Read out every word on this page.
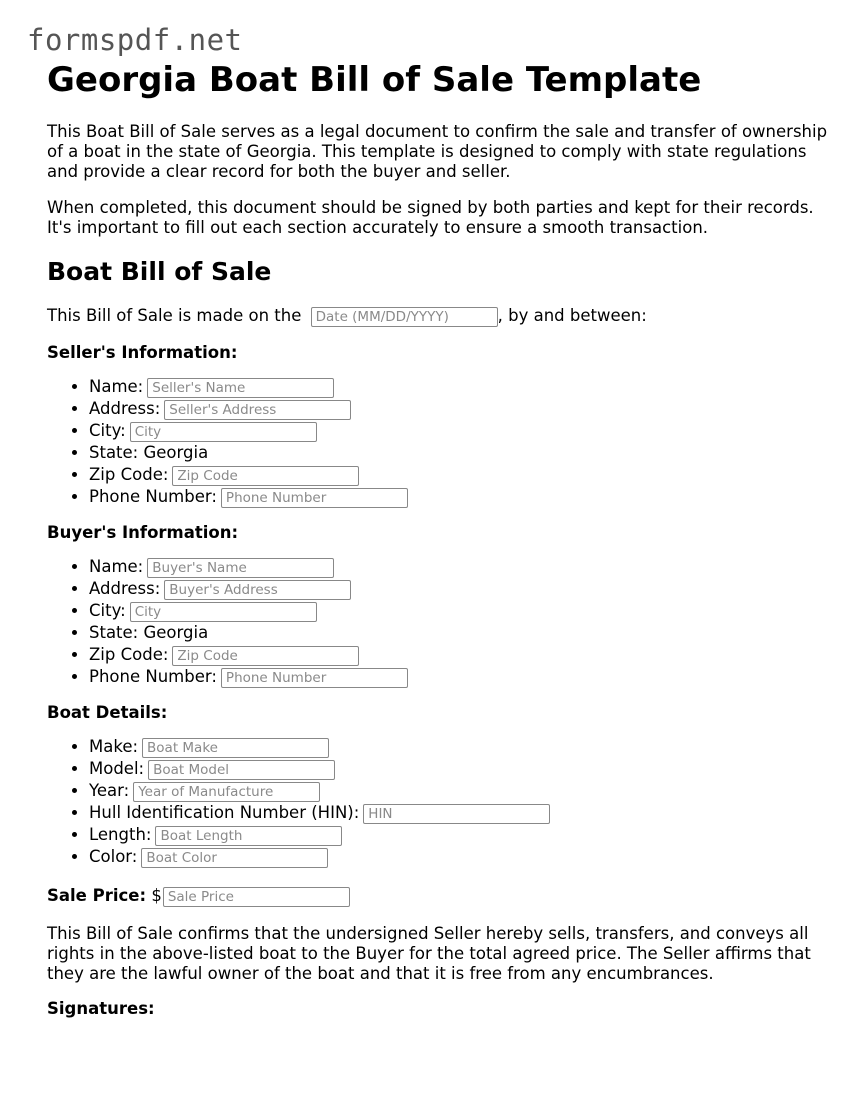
formspdf.net
Georgia Boat Bill of Sale Template

This Boat Bill of Sale serves as a legal document to confirm the sale and transfer of ownership of a boat in the state of Georgia. This template is designed to comply with state regulations and provide a clear record for both the buyer and seller.

When completed, this document should be signed by both parties and kept for their records. It's important to fill out each section accurately to ensure a smooth transaction.

Boat Bill of Sale

This Bill of Sale is made on the Date (MM/DD/YYYY)	, by and between:

Seller's Information:
• Name:Seller's Name
• Address:Seller's Address
• City:City
• State: Georgia
• Zip Code:Zip Code
• Phone Number:Phone Number
Buyer's Information:
• Name:Buyer's Name
• Address:Buyer's Address
• City:City
• State: Georgia
• Zip Code:Zip Code
• Phone Number:Phone Number
Boat Details:
• Make:Boat Make
• Model:Boat Model
• Year:Year of Manufacture
• Hull Identification Number (HIN):HIN
• Length:Boat Length
• Color:Boat Color

Sale Price: $Sale Price

This Bill of Sale confirms that the undersigned Seller hereby sells, transfers, and conveys all rights in the above-listed boat to the Buyer for the total agreed price. The Seller affirms that they are the lawful owner of the boat and that it is free from any encumbrances.

Signatures:
